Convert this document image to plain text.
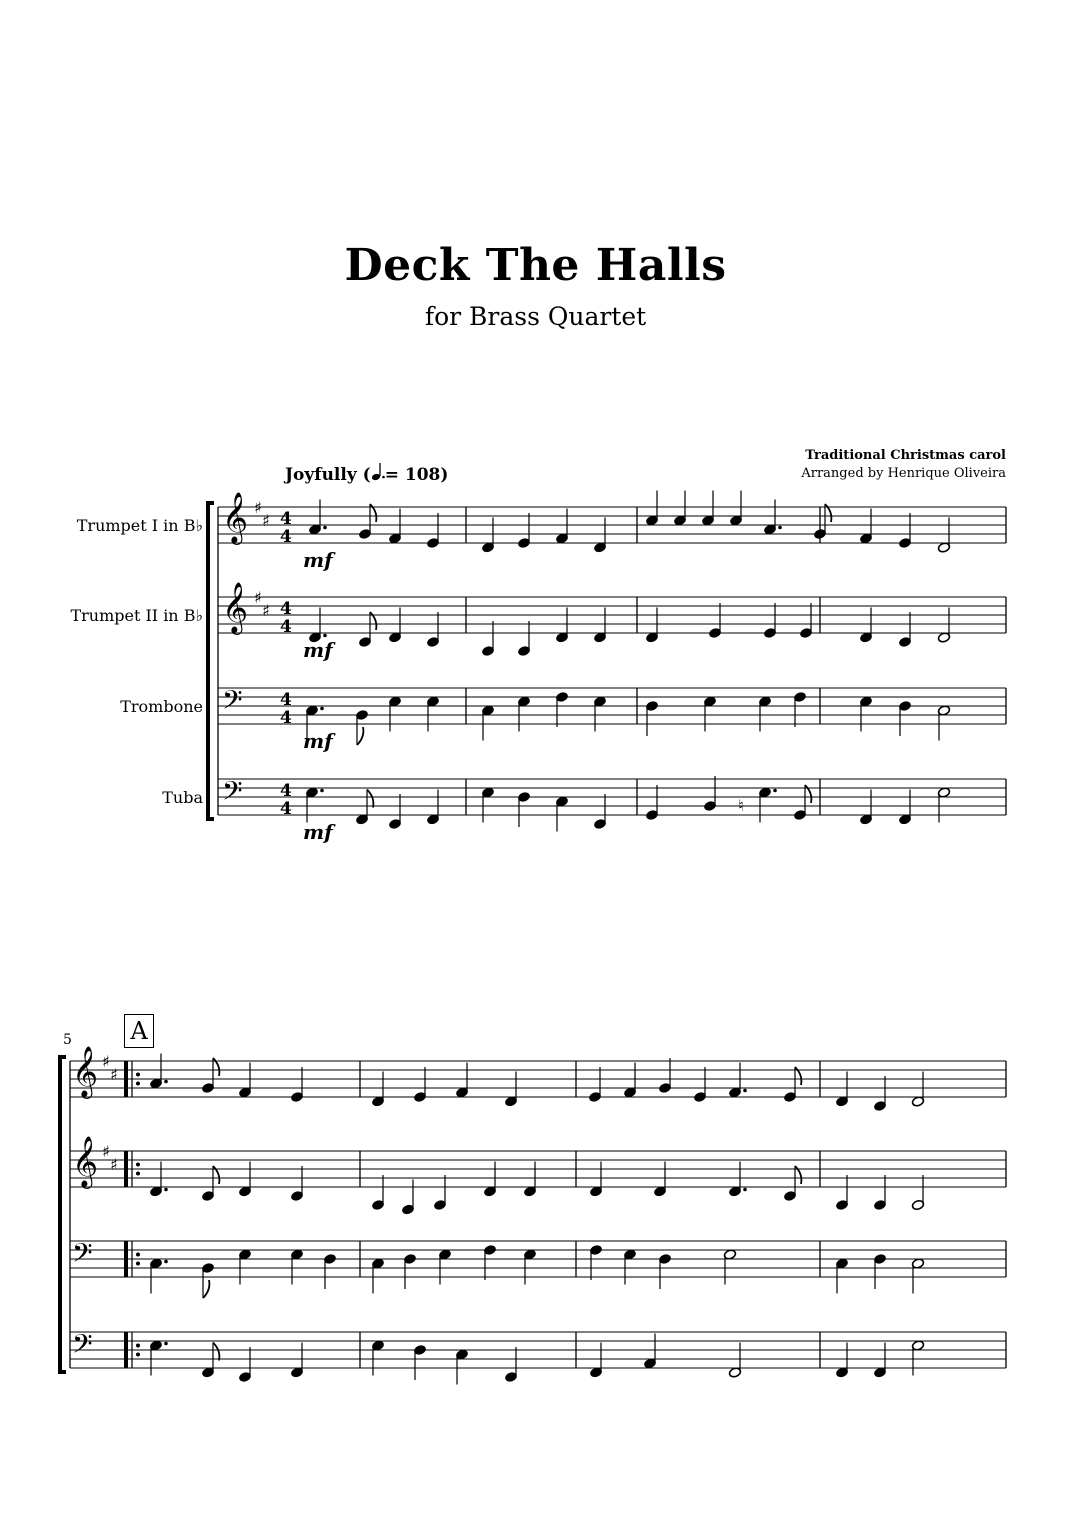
Deck The Halls
for Brass Quartet
Traditional Christmas carol
Arranged by Henrique Oliveira
Joyfully ( = 108)
Trumpet I in B♭
Trumpet II in B♭
Trombone
Tuba
5 A
𝄞 ♯
♯ 4
4
𝄞 ♯
♯ 4
4
𝄢 4
4
𝄢 4
4
𝄞 ♯
♯
𝄞 ♯
♯
𝄢
𝄢
♮
mf
mf
mf
mf
